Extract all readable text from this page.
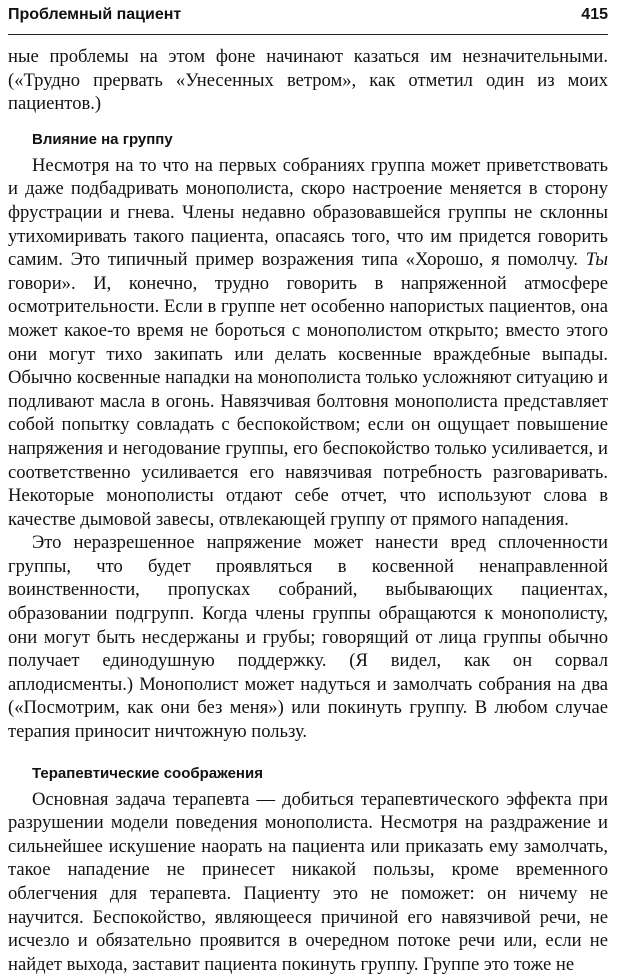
Проблемный пациент	415

ные проблемы на этом фоне начинают казаться им незначительными. («Трудно прервать «Унесенных ветром», как отметил один из моих пациентов.)

Влияние на группу

Несмотря на то что на первых собраниях группа может приветствовать и даже подбадривать монополиста, скоро настроение меняется в сторону фрустрации и гнева. Члены недавно образовавшейся группы не склонны утихомиривать такого пациента, опасаясь того, что им придется говорить самим. Это типичный пример возражения типа «Хорошо, я помолчу. Ты говори». И, конечно, трудно говорить в напряженной атмосфере осмотрительности. Если в группе нет особенно напористых пациентов, она может какое-то время не бороться с монополистом открыто; вместо этого они могут тихо закипать или делать косвенные враждебные выпады. Обычно косвенные нападки на монополиста только усложняют ситуацию и подливают масла в огонь. Навязчивая болтовня монополиста представляет собой попытку совладать с беспокойством; если он ощущает повышение напряжения и негодование группы, его беспокойство только усиливается, и соответственно усиливается его навязчивая потребность разговаривать. Некоторые монополисты отдают себе отчет, что используют слова в качестве дымовой завесы, отвлекающей группу от прямого нападения.

Это неразрешенное напряжение может нанести вред сплоченности группы, что будет проявляться в косвенной ненаправленной воинственности, пропусках собраний, выбывающих пациентах, образовании подгрупп. Когда члены группы обращаются к монополисту, они могут быть несдержаны и грубы; говорящий от лица группы обычно получает единодушную поддержку. (Я видел, как он сорвал аплодисменты.) Монополист может надуться и замолчать собрания на два («Посмотрим, как они без меня») или покинуть группу. В любом случае терапия приносит ничтожную пользу.

Терапевтические соображения

Основная задача терапевта — добиться терапевтического эффекта при разрушении модели поведения монополиста. Несмотря на раздражение и сильнейшее искушение наорать на пациента или приказать ему замолчать, такое нападение не принесет никакой пользы, кроме временного облегчения для терапевта. Пациенту это не поможет: он ничему не научится. Беспокойство, являющееся причиной его навязчивой речи, не исчезло и обязательно проявится в очередном потоке речи или, если не найдет выхода, заставит пациента покинуть группу. Группе это тоже не
